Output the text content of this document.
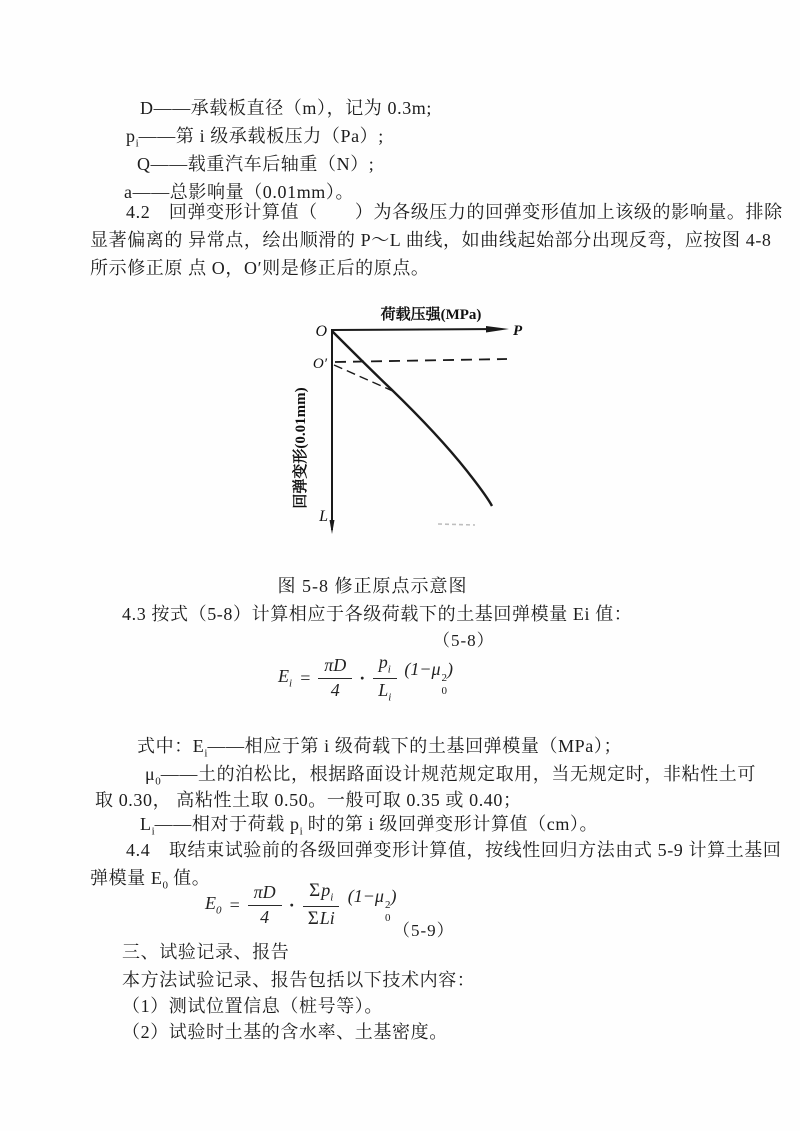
D——承载板直径（m），记为 0.3m;
$p_i——$第 i 级承载板压力（Pa）;
Q——载重汽车后轴重（N）;
a——总影响量（0.01mm）。
4.2　回弹变形计算值（　　）为各级压力的回弹变形值加上该级的影响量。排除
显著偏离的 异常点，绘出顺滑的 P～L 曲线，如曲线起始部分出现反弯，应按图 4-8
所示修正原 点 O，O′则是修正后的原点。
荷载压强(MPa)
P
O
O′
L
回弹变形(0.01mm)
图 5-8 修正原点示意图
4.3 按式（5-8）计算相应于各级荷载下的土基回弹模量 Ei 值：
（5-8）
$E_i = \frac{\pi D}{4} \cdot \frac{p_i}{L_i} (1-\mu$ 2
0
)
式中：$E_i——$相应于第 i 级荷载下的土基回弹模量（MPa）；
$\mu_0——$土的泊松比，根据路面设计规范规定取用，当无规定时，非粘性土可
取 0.30， 高粘性土取 0.50。一般可取 0.35 或 0.40；
$L_i——$相对于荷载 $p_i$ 时的第 i 级回弹变形计算值（cm）。
4.4　取结束试验前的各级回弹变形计算值，按线性回归方法由式 5-9 计算土基回
弹模量 $E_0$ 值。
$E_0 = \frac{\pi D}{4} \cdot \frac{\Sigma p_i}{\text{ΣLi}} (1-\mu$ 2
0
)
（5-9）
三、试验记录、报告
本方法试验记录、报告包括以下技术内容：
（1）测试位置信息（桩号等）。
（2）试验时土基的含水率、土基密度。
